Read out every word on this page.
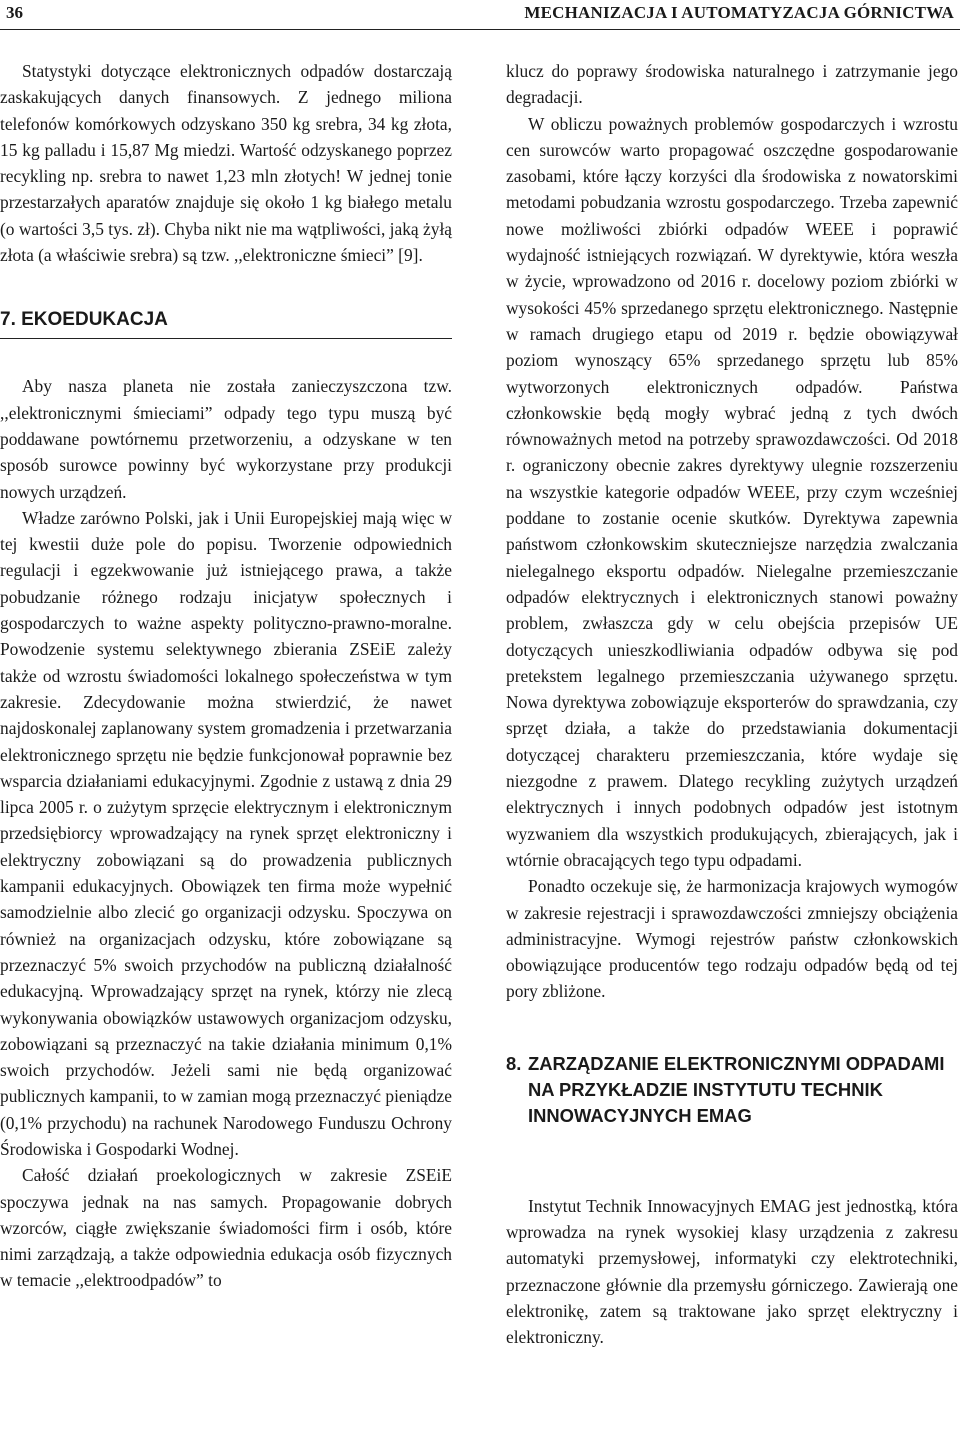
36	MECHANIZACJA I AUTOMATYZACJA GÓRNICTWA

Statystyki dotyczące elektronicznych odpadów dostarczają zaskakujących danych finansowych. Z jednego miliona telefonów komórkowych odzyskano 350 kg srebra, 34 kg złota, 15 kg palladu i 15,87 Mg miedzi. Wartość odzyskanego poprzez recykling np. srebra to nawet 1,23 mln złotych! W jednej tonie przestarzałych aparatów znajduje się około 1 kg białego metalu (o wartości 3,5 tys. zł). Chyba nikt nie ma wątpliwości, jaką żyłą złota (a właściwie srebra) są tzw. ,,elektroniczne śmieci” [9].

7. EKOEDUKACJA

Aby nasza planeta nie została zanieczyszczona tzw. ,,elektronicznymi śmieciami” odpady tego typu muszą być poddawane powtórnemu przetworzeniu, a odzyskane w ten sposób surowce powinny być wykorzystane przy produkcji nowych urządzeń.

Władze zarówno Polski, jak i Unii Europejskiej mają więc w tej kwestii duże pole do popisu. Tworzenie odpowiednich regulacji i egzekwowanie już istniejącego prawa, a także pobudzanie różnego rodzaju inicjatyw społecznych i gospodarczych to ważne aspekty polityczno-prawno-moralne. Powodzenie systemu selektywnego zbierania ZSEiE zależy także od wzrostu świadomości lokalnego społeczeństwa w tym zakresie. Zdecydowanie można stwierdzić, że nawet najdoskonalej zaplanowany system gromadzenia i przetwarzania elektronicznego sprzętu nie będzie funkcjonował poprawnie bez wsparcia działaniami edukacyjnymi. Zgodnie z ustawą z dnia 29 lipca 2005 r. o zużytym sprzęcie elektrycznym i elektronicznym przedsiębiorcy wprowadzający na rynek sprzęt elektroniczny i elektryczny zobowiązani są do prowadzenia publicznych kampanii edukacyjnych. Obowiązek ten firma może wypełnić samodzielnie albo zlecić go organizacji odzysku. Spoczywa on również na organizacjach odzysku, które zobowiązane są przeznaczyć 5% swoich przychodów na publiczną działalność edukacyjną. Wprowadzający sprzęt na rynek, którzy nie zlecą wykonywania obowiązków ustawowych organizacjom odzysku, zobowiązani są przeznaczyć na takie działania minimum 0,1% swoich przychodów. Jeżeli sami nie będą organizować publicznych kampanii, to w zamian mogą przeznaczyć pieniądze (0,1% przychodu) na rachunek Narodowego Funduszu Ochrony Środowiska i Gospodarki Wodnej.

Całość działań proekologicznych w zakresie ZSEiE spoczywa jednak na nas samych. Propagowanie dobrych wzorców, ciągłe zwiększanie świadomości firm i osób, które nimi zarządzają, a także odpowiednia edukacja osób fizycznych w temacie ,,elektroodpadów” to

klucz do poprawy środowiska naturalnego i zatrzymanie jego degradacji.

W obliczu poważnych problemów gospodarczych i wzrostu cen surowców warto propagować oszczędne gospodarowanie zasobami, które łączy korzyści dla środowiska z nowatorskimi metodami pobudzania wzrostu gospodarczego. Trzeba zapewnić nowe możliwości zbiórki odpadów WEEE i poprawić wydajność istniejących rozwiązań. W dyrektywie, która weszła w życie, wprowadzono od 2016 r. docelowy poziom zbiórki w wysokości 45% sprzedanego sprzętu elektronicznego. Następnie w ramach drugiego etapu od 2019 r. będzie obowiązywał poziom wynoszący 65% sprzedanego sprzętu lub 85% wytworzonych elektronicznych odpadów. Państwa członkowskie będą mogły wybrać jedną z tych dwóch równoważnych metod na potrzeby sprawozdawczości. Od 2018 r. ograniczony obecnie zakres dyrektywy ulegnie rozszerzeniu na wszystkie kategorie odpadów WEEE, przy czym wcześniej poddane to zostanie ocenie skutków. Dyrektywa zapewnia państwom członkowskim skuteczniejsze narzędzia zwalczania nielegalnego eksportu odpadów. Nielegalne przemieszczanie odpadów elektrycznych i elektronicznych stanowi poważny problem, zwłaszcza gdy w celu obejścia przepisów UE dotyczących unieszkodliwiania odpadów odbywa się pod pretekstem legalnego przemieszczania używanego sprzętu. Nowa dyrektywa zobowiązuje eksporterów do sprawdzania, czy sprzęt działa, a także do przedstawiania dokumentacji dotyczącej charakteru przemieszczania, które wydaje się niezgodne z prawem. Dlatego recykling zużytych urządzeń elektrycznych i innych podobnych odpadów jest istotnym wyzwaniem dla wszystkich produkujących, zbierających, jak i wtórnie obracających tego typu odpadami.

Ponadto oczekuje się, że harmonizacja krajowych wymogów w zakresie rejestracji i sprawozdawczości zmniejszy obciążenia administracyjne. Wymogi rejestrów państw członkowskich obowiązujące producentów tego rodzaju odpadów będą od tej pory zbliżone.

8. ZARZĄDZANIE ELEKTRONICZNYMI ODPADAMI NA PRZYKŁADZIE INSTYTUTU TECHNIK INNOWACYJNYCH EMAG

Instytut Technik Innowacyjnych EMAG jest jednostką, która wprowadza na rynek wysokiej klasy urządzenia z zakresu automatyki przemysłowej, informatyki czy elektrotechniki, przeznaczone głównie dla przemysłu górniczego. Zawierają one elektronikę, zatem są traktowane jako sprzęt elektryczny i elektroniczny.
